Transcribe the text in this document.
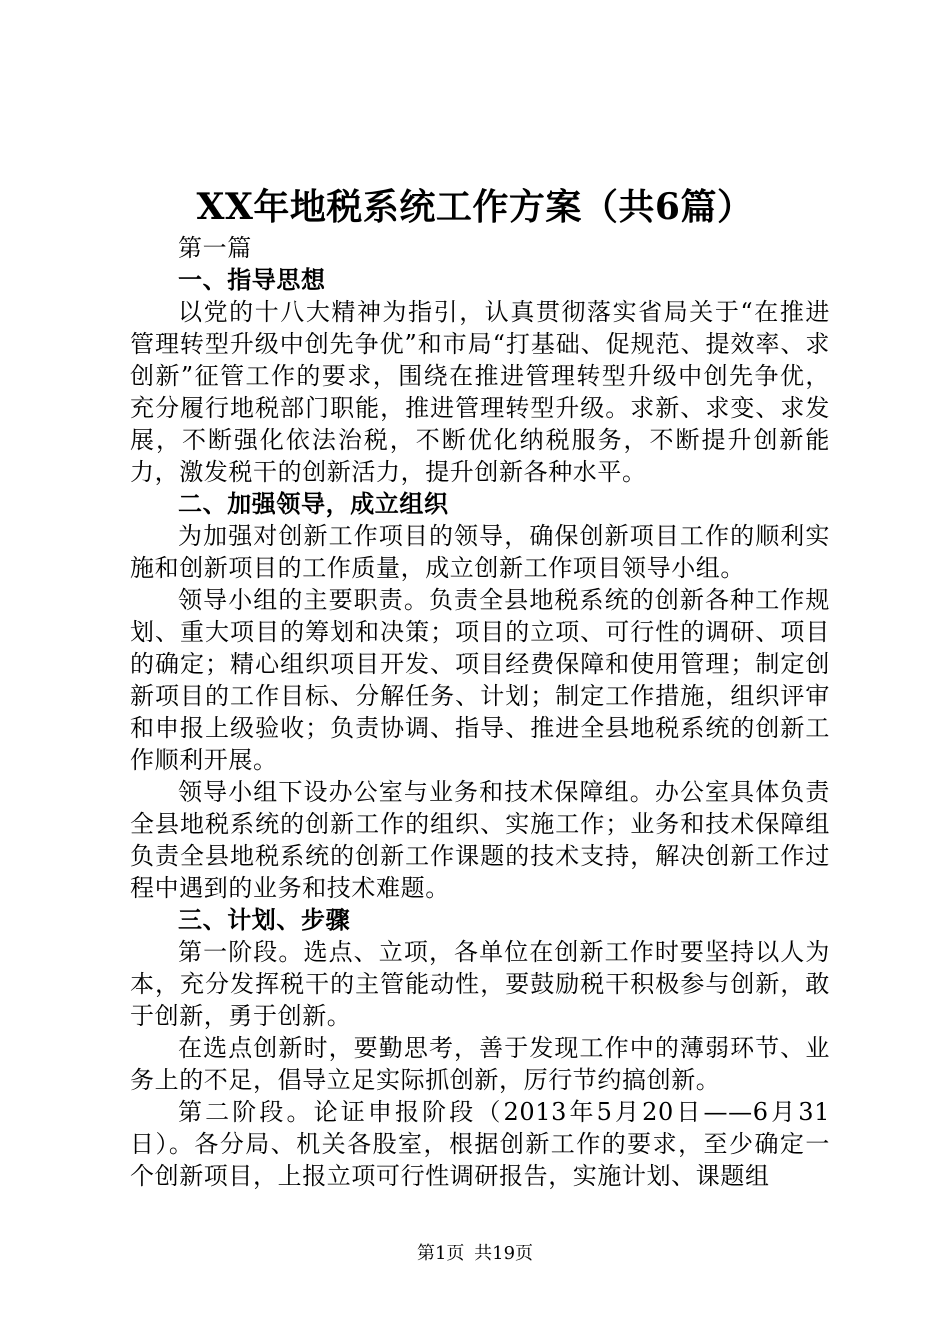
XX年地税系统工作方案（共6篇）

第一篇

一、指导思想

以党的十八大精神为指引，认真贯彻落实省局关于“在推进管理转型升级中创先争优”和市局“打基础、促规范、提效率、求创新”征管工作的要求，围绕在推进管理转型升级中创先争优，充分履行地税部门职能，推进管理转型升级。求新、求变、求发展，不断强化依法治税，不断优化纳税服务，不断提升创新能力，激发税干的创新活力，提升创新各种水平。

二、加强领导，成立组织

为加强对创新工作项目的领导，确保创新项目工作的顺利实施和创新项目的工作质量，成立创新工作项目领导小组。

领导小组的主要职责。负责全县地税系统的创新各种工作规划、重大项目的筹划和决策；项目的立项、可行性的调研、项目的确定；精心组织项目开发、项目经费保障和使用管理；制定创新项目的工作目标、分解任务、计划；制定工作措施，组织评审和申报上级验收；负责协调、指导、推进全县地税系统的创新工作顺利开展。

领导小组下设办公室与业务和技术保障组。办公室具体负责全县地税系统的创新工作的组织、实施工作；业务和技术保障组负责全县地税系统的创新工作课题的技术支持，解决创新工作过程中遇到的业务和技术难题。

三、计划、步骤

第一阶段。选点、立项，各单位在创新工作时要坚持以人为本，充分发挥税干的主管能动性，要鼓励税干积极参与创新，敢于创新，勇于创新。

在选点创新时，要勤思考，善于发现工作中的薄弱环节、业务上的不足，倡导立足实际抓创新，厉行节约搞创新。

第二阶段。论证申报阶段（2013年5月20日——6月31日）。各分局、机关各股室，根据创新工作的要求，至少确定一个创新项目，上报立项可行性调研报告，实施计划、课题组

第1页 共19页
